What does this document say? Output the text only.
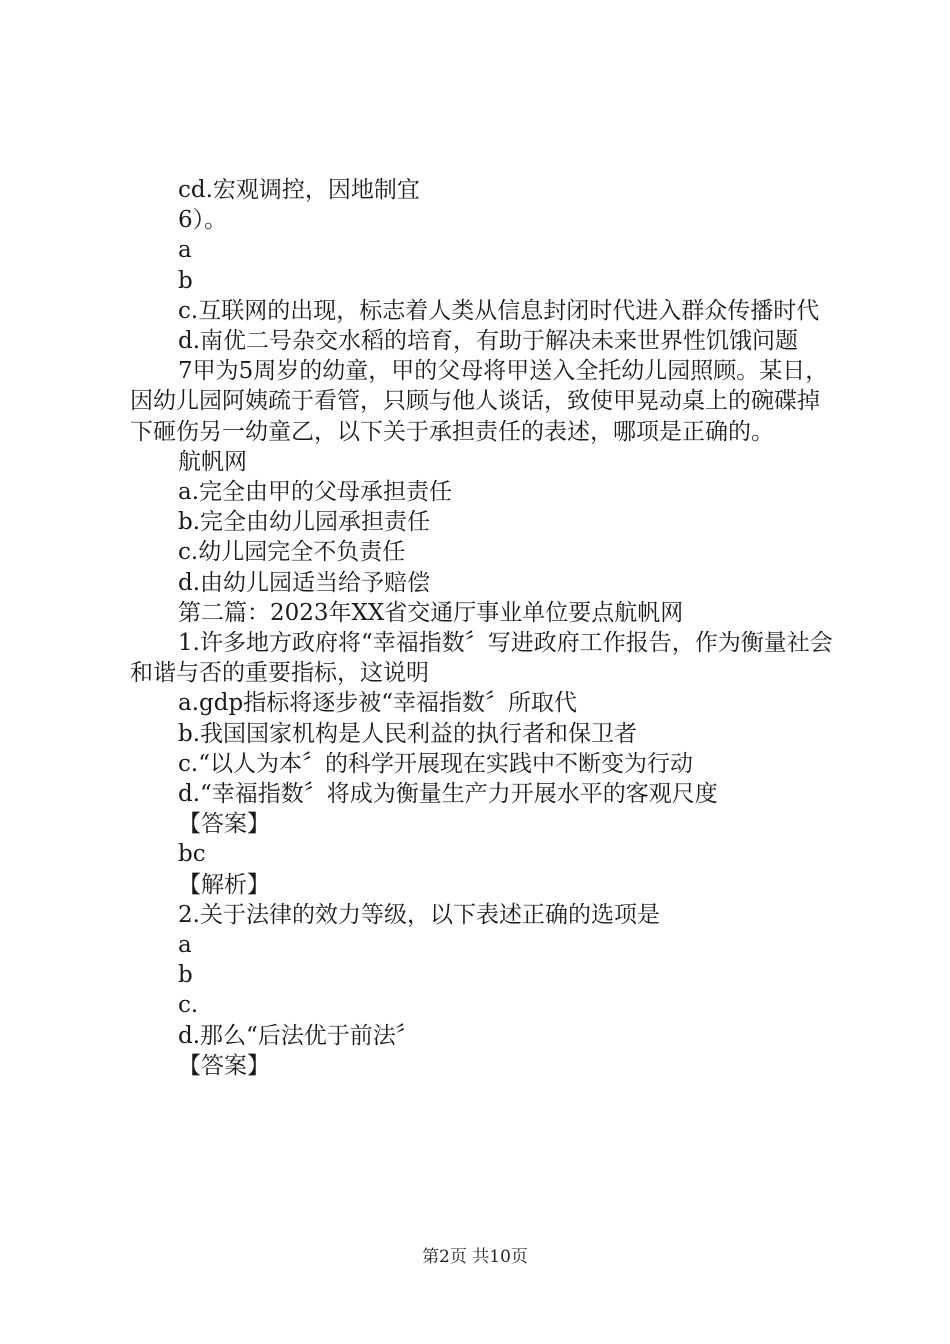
cd.宏观调控，因地制宜
6）。
a
b
c.互联网的出现，标志着人类从信息封闭时代进入群众传播时代
d.南优二号杂交水稻的培育，有助于解决未来世界性饥饿问题
7甲为5周岁的幼童，甲的父母将甲送入全托幼儿园照顾。某日，因幼儿园阿姨疏于看管，只顾与他人谈话，致使甲晃动桌上的碗碟掉下砸伤另一幼童乙，以下关于承担责任的表述，哪项是正确的。
航帆网
a.完全由甲的父母承担责任
b.完全由幼儿园承担责任
c.幼儿园完全不负责任
d.由幼儿园适当给予赔偿
第二篇：2023年XX省交通厅事业单位要点航帆网
1.许多地方政府将“幸福指数〞写进政府工作报告，作为衡量社会和谐与否的重要指标，这说明
a.gdp指标将逐步被“幸福指数〞所取代
b.我国国家机构是人民利益的执行者和保卫者
c.“以人为本〞的科学开展现在实践中不断变为行动
d.“幸福指数〞将成为衡量生产力开展水平的客观尺度
【答案】
bc
【解析】
2.关于法律的效力等级，以下表述正确的选项是
a
b
c.
d.那么“后法优于前法〞
【答案】
第2页 共10页
